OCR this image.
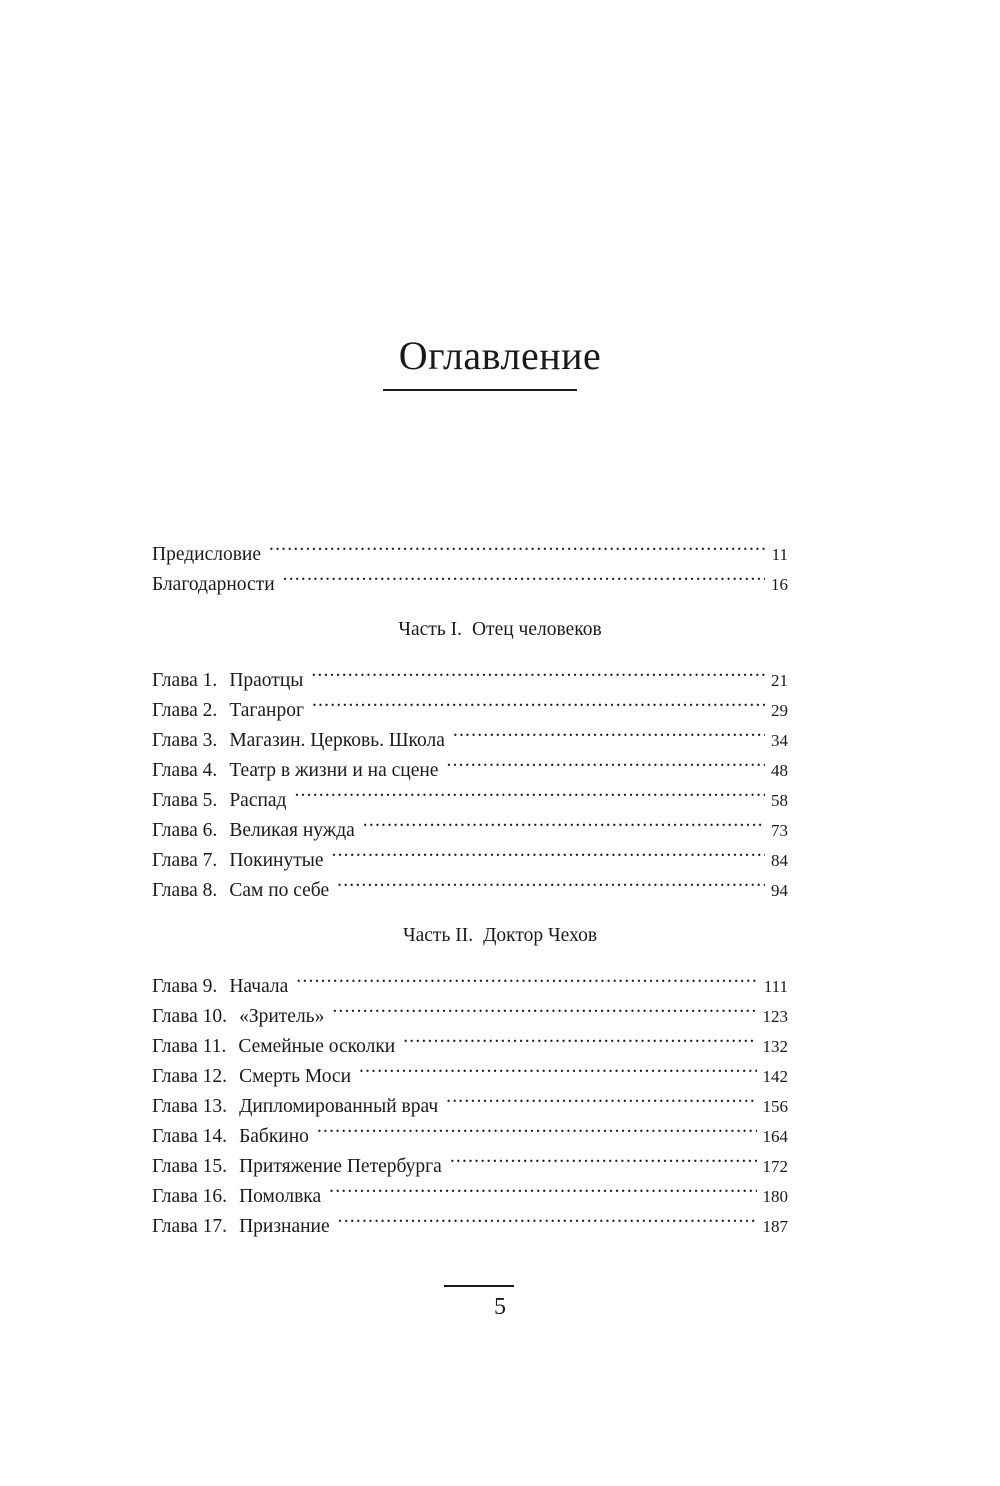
Оглавление
Предисловие .....	11
Благодарности .....	16
Глава 1. Праотцы .....	21
Глава 2. Таганрог .....	29
Глава 3. Магазин. Церковь. Школа .....	34
Глава 4. Театр в жизни и на сцене .....	48
Глава 5. Распад .....	58
Глава 6. Великая нужда .....	73
Глава 7. Покинутые .....	84
Глава 8. Сам по себе .....	94
Глава 9. Начала .....	111
Глава 10. «Зритель» .....	123
Глава 11. Семейные осколки .....	132
Глава 12. Смерть Моси .....	142
Глава 13. Дипломированный врач .....	156
Глава 14. Бабкино .....	164
Глава 15. Притяжение Петербурга .....	172
Глава 16. Помолвка .....	180
Глава 17. Признание .....	187
Часть I. Отец человеков
Часть II. Доктор Чехов
5
